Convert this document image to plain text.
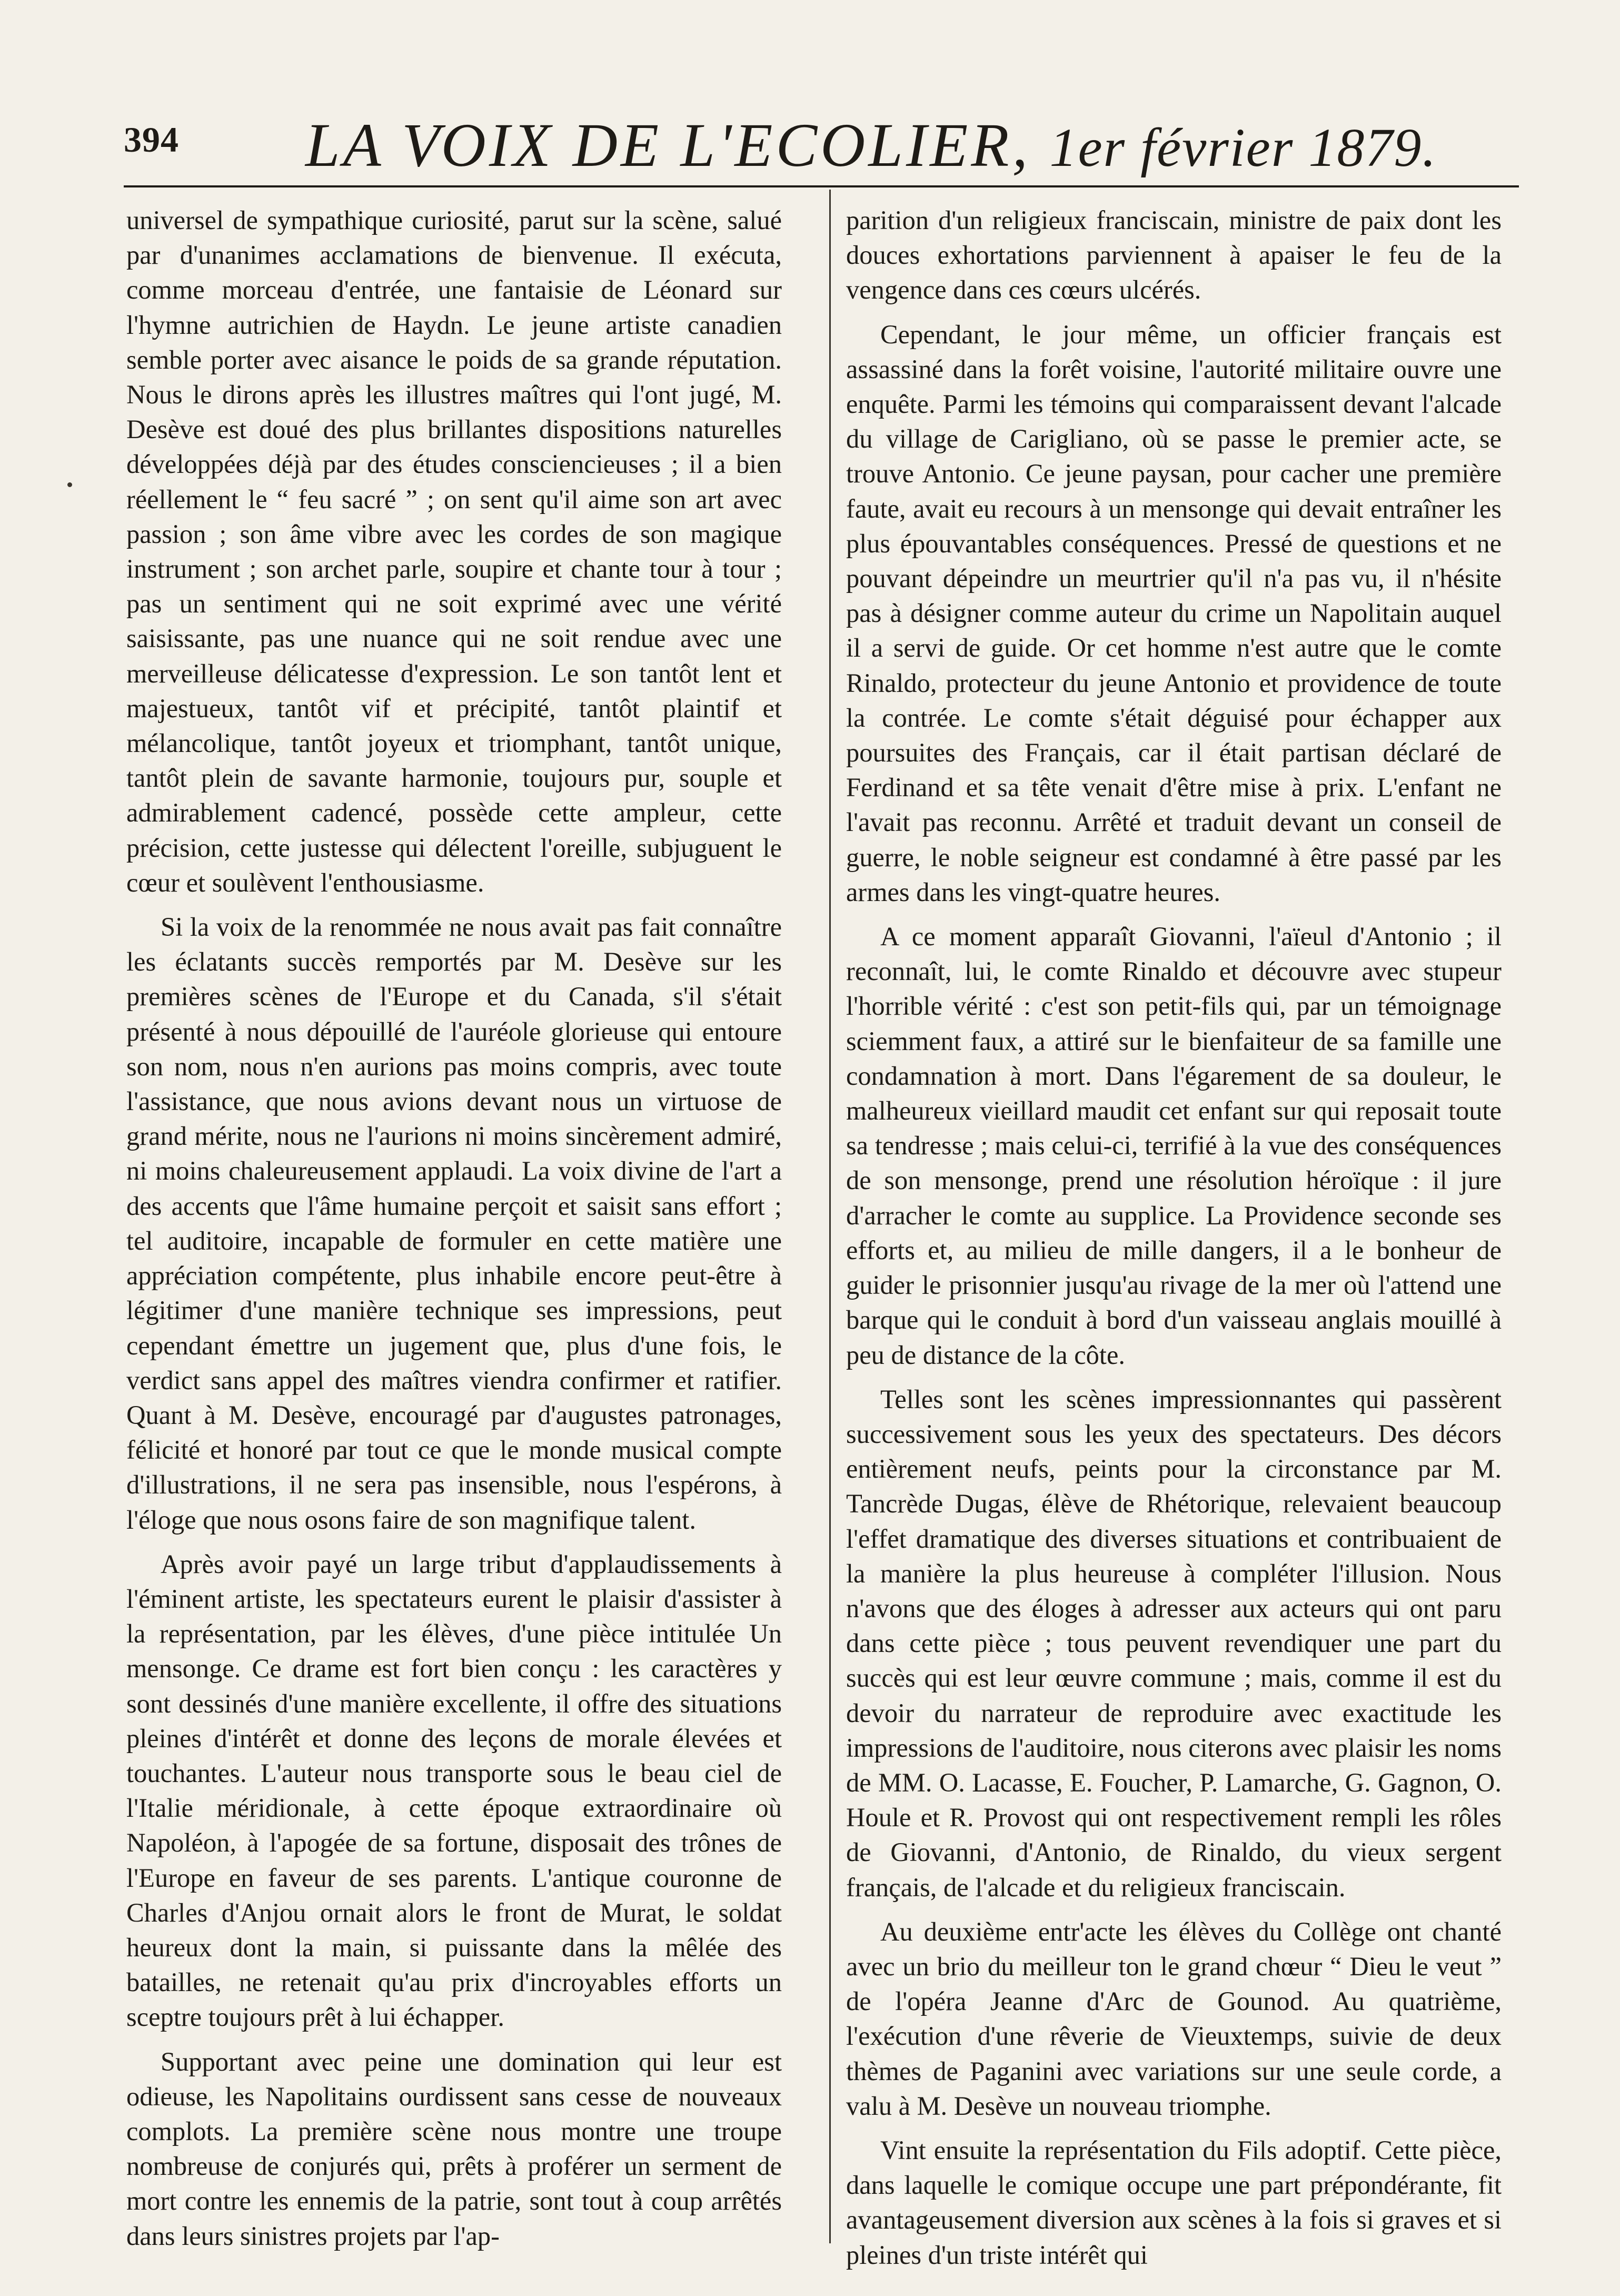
394 LA VOIX DE L'ECOLIER, 1er février 1879.

universel de sympathique curiosité, parut sur la scène, salué par d'unanimes acclamations de bienvenue. Il exécuta, comme morceau d'entrée, une fantaisie de Léonard sur l'hymne autrichien de Haydn. Le jeune artiste canadien semble porter avec aisance le poids de sa grande réputation. Nous le dirons après les illustres maîtres qui l'ont jugé, M. Desève est doué des plus brillantes dispositions naturelles développées déjà par des études consciencieuses ; il a bien réellement le “ feu sacré ” ; on sent qu'il aime son art avec passion ; son âme vibre avec les cordes de son magique instrument ; son archet parle, soupire et chante tour à tour ; pas un sentiment qui ne soit exprimé avec une vérité saisissante, pas une nuance qui ne soit rendue avec une merveilleuse délicatesse d'expression. Le son tantôt lent et majestueux, tantôt vif et précipité, tantôt plaintif et mélancolique, tantôt joyeux et triomphant, tantôt unique, tantôt plein de savante harmonie, toujours pur, souple et admirablement cadencé, possède cette ampleur, cette précision, cette justesse qui délectent l'oreille, subjuguent le cœur et soulèvent l'enthousiasme.

Si la voix de la renommée ne nous avait pas fait connaître les éclatants succès remportés par M. Desève sur les premières scènes de l'Europe et du Canada, s'il s'était présenté à nous dépouillé de l'auréole glorieuse qui entoure son nom, nous n'en aurions pas moins compris, avec toute l'assistance, que nous avions devant nous un virtuose de grand mérite, nous ne l'aurions ni moins sincèrement admiré, ni moins chaleureusement applaudi. La voix divine de l'art a des accents que l'âme humaine perçoit et saisit sans effort ; tel auditoire, incapable de formuler en cette matière une appréciation compétente, plus inhabile encore peut-être à légitimer d'une manière technique ses impressions, peut cependant émettre un jugement que, plus d'une fois, le verdict sans appel des maîtres viendra confirmer et ratifier. Quant à M. Desève, encouragé par d'augustes patronages, félicité et honoré par tout ce que le monde musical compte d'illustrations, il ne sera pas insensible, nous l'espérons, à l'éloge que nous osons faire de son magnifique talent.

Après avoir payé un large tribut d'applaudissements à l'éminent artiste, les spectateurs eurent le plaisir d'assister à la représentation, par les élèves, d'une pièce intitulée Un mensonge. Ce drame est fort bien conçu : les caractères y sont dessinés d'une manière excellente, il offre des situations pleines d'intérêt et donne des leçons de morale élevées et touchantes. L'auteur nous transporte sous le beau ciel de l'Italie méridionale, à cette époque extraordinaire où Napoléon, à l'apogée de sa fortune, disposait des trônes de l'Europe en faveur de ses parents. L'antique couronne de Charles d'Anjou ornait alors le front de Murat, le soldat heureux dont la main, si puissante dans la mêlée des batailles, ne retenait qu'au prix d'incroyables efforts un sceptre toujours prêt à lui échapper.

Supportant avec peine une domination qui leur est odieuse, les Napolitains ourdissent sans cesse de nouveaux complots. La première scène nous montre une troupe nombreuse de conjurés qui, prêts à proférer un serment de mort contre les ennemis de la patrie, sont tout à coup arrêtés dans leurs sinistres projets par l'ap-

parition d'un religieux franciscain, ministre de paix dont les douces exhortations parviennent à apaiser le feu de la vengence dans ces cœurs ulcérés.

Cependant, le jour même, un officier français est assassiné dans la forêt voisine, l'autorité militaire ouvre une enquête. Parmi les témoins qui comparaissent devant l'alcade du village de Carigliano, où se passe le premier acte, se trouve Antonio. Ce jeune paysan, pour cacher une première faute, avait eu recours à un mensonge qui devait entraîner les plus épouvantables conséquences. Pressé de questions et ne pouvant dépeindre un meurtrier qu'il n'a pas vu, il n'hésite pas à désigner comme auteur du crime un Napolitain auquel il a servi de guide. Or cet homme n'est autre que le comte Rinaldo, protecteur du jeune Antonio et providence de toute la contrée. Le comte s'était déguisé pour échapper aux poursuites des Français, car il était partisan déclaré de Ferdinand et sa tête venait d'être mise à prix. L'enfant ne l'avait pas reconnu. Arrêté et traduit devant un conseil de guerre, le noble seigneur est condamné à être passé par les armes dans les vingt-quatre heures.

A ce moment apparaît Giovanni, l'aïeul d'Antonio ; il reconnaît, lui, le comte Rinaldo et découvre avec stupeur l'horrible vérité : c'est son petit-fils qui, par un témoignage sciemment faux, a attiré sur le bienfaiteur de sa famille une condamnation à mort. Dans l'égarement de sa douleur, le malheureux vieillard maudit cet enfant sur qui reposait toute sa tendresse ; mais celui-ci, terrifié à la vue des conséquences de son mensonge, prend une résolution héroïque : il jure d'arracher le comte au supplice. La Providence seconde ses efforts et, au milieu de mille dangers, il a le bonheur de guider le prisonnier jusqu'au rivage de la mer où l'attend une barque qui le conduit à bord d'un vaisseau anglais mouillé à peu de distance de la côte.

Telles sont les scènes impressionnantes qui passèrent successivement sous les yeux des spectateurs. Des décors entièrement neufs, peints pour la circonstance par M. Tancrède Dugas, élève de Rhétorique, relevaient beaucoup l'effet dramatique des diverses situations et contribuaient de la manière la plus heureuse à compléter l'illusion. Nous n'avons que des éloges à adresser aux acteurs qui ont paru dans cette pièce ; tous peuvent revendiquer une part du succès qui est leur œuvre commune ; mais, comme il est du devoir du narrateur de reproduire avec exactitude les impressions de l'auditoire, nous citerons avec plaisir les noms de MM. O. Lacasse, E. Foucher, P. Lamarche, G. Gagnon, O. Houle et R. Provost qui ont respectivement rempli les rôles de Giovanni, d'Antonio, de Rinaldo, du vieux sergent français, de l'alcade et du religieux franciscain.

Au deuxième entr'acte les élèves du Collège ont chanté avec un brio du meilleur ton le grand chœur “ Dieu le veut ” de l'opéra Jeanne d'Arc de Gounod. Au quatrième, l'exécution d'une rêverie de Vieuxtemps, suivie de deux thèmes de Paganini avec variations sur une seule corde, a valu à M. Desève un nouveau triomphe.

Vint ensuite la représentation du Fils adoptif. Cette pièce, dans laquelle le comique occupe une part prépondérante, fit avantageusement diversion aux scènes à la fois si graves et si pleines d'un triste intérêt qui
